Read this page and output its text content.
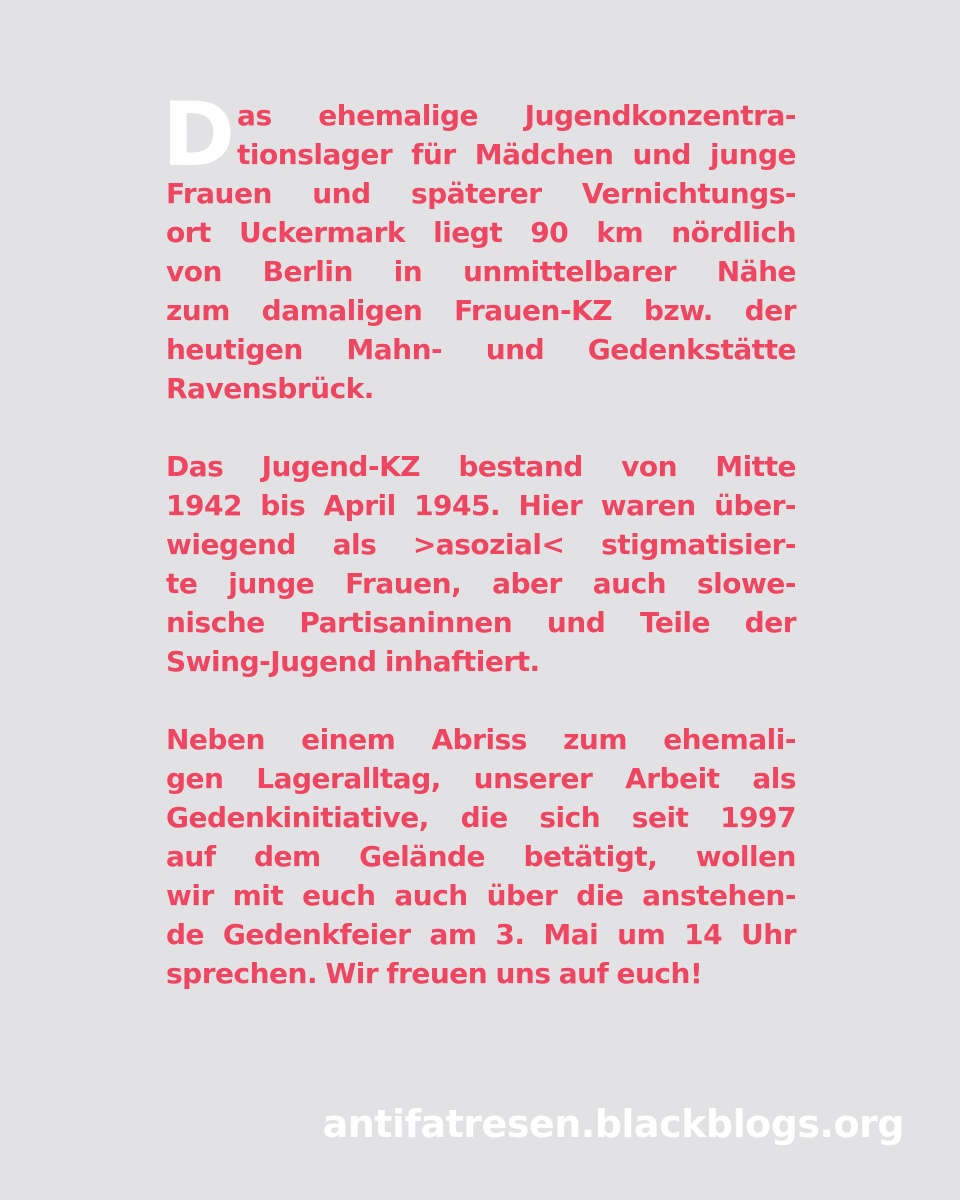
D as ehemalige Jugendkonzentra-
tionslager für Mädchen und junge
Frauen und späterer Vernichtungs-
ort Uckermark liegt 90 km nördlich
von Berlin in unmittelbarer Nähe
zum damaligen Frauen-KZ bzw. der
heutigen Mahn- und Gedenkstätte
Ravensbrück.
Das Jugend-KZ bestand von Mitte
1942 bis April 1945. Hier waren über-
wiegend als >asozial< stigmatisier-
te junge Frauen, aber auch slowe-
nische Partisaninnen und Teile der
Swing-Jugend inhaftiert.
Neben einem Abriss zum ehemali-
gen Lageralltag, unserer Arbeit als
Gedenkinitiative, die sich seit 1997
auf dem Gelände betätigt, wollen
wir mit euch auch über die anstehen-
de Gedenkfeier am 3. Mai um 14 Uhr
sprechen. Wir freuen uns auf euch!
antifatresen.blackblogs.org
